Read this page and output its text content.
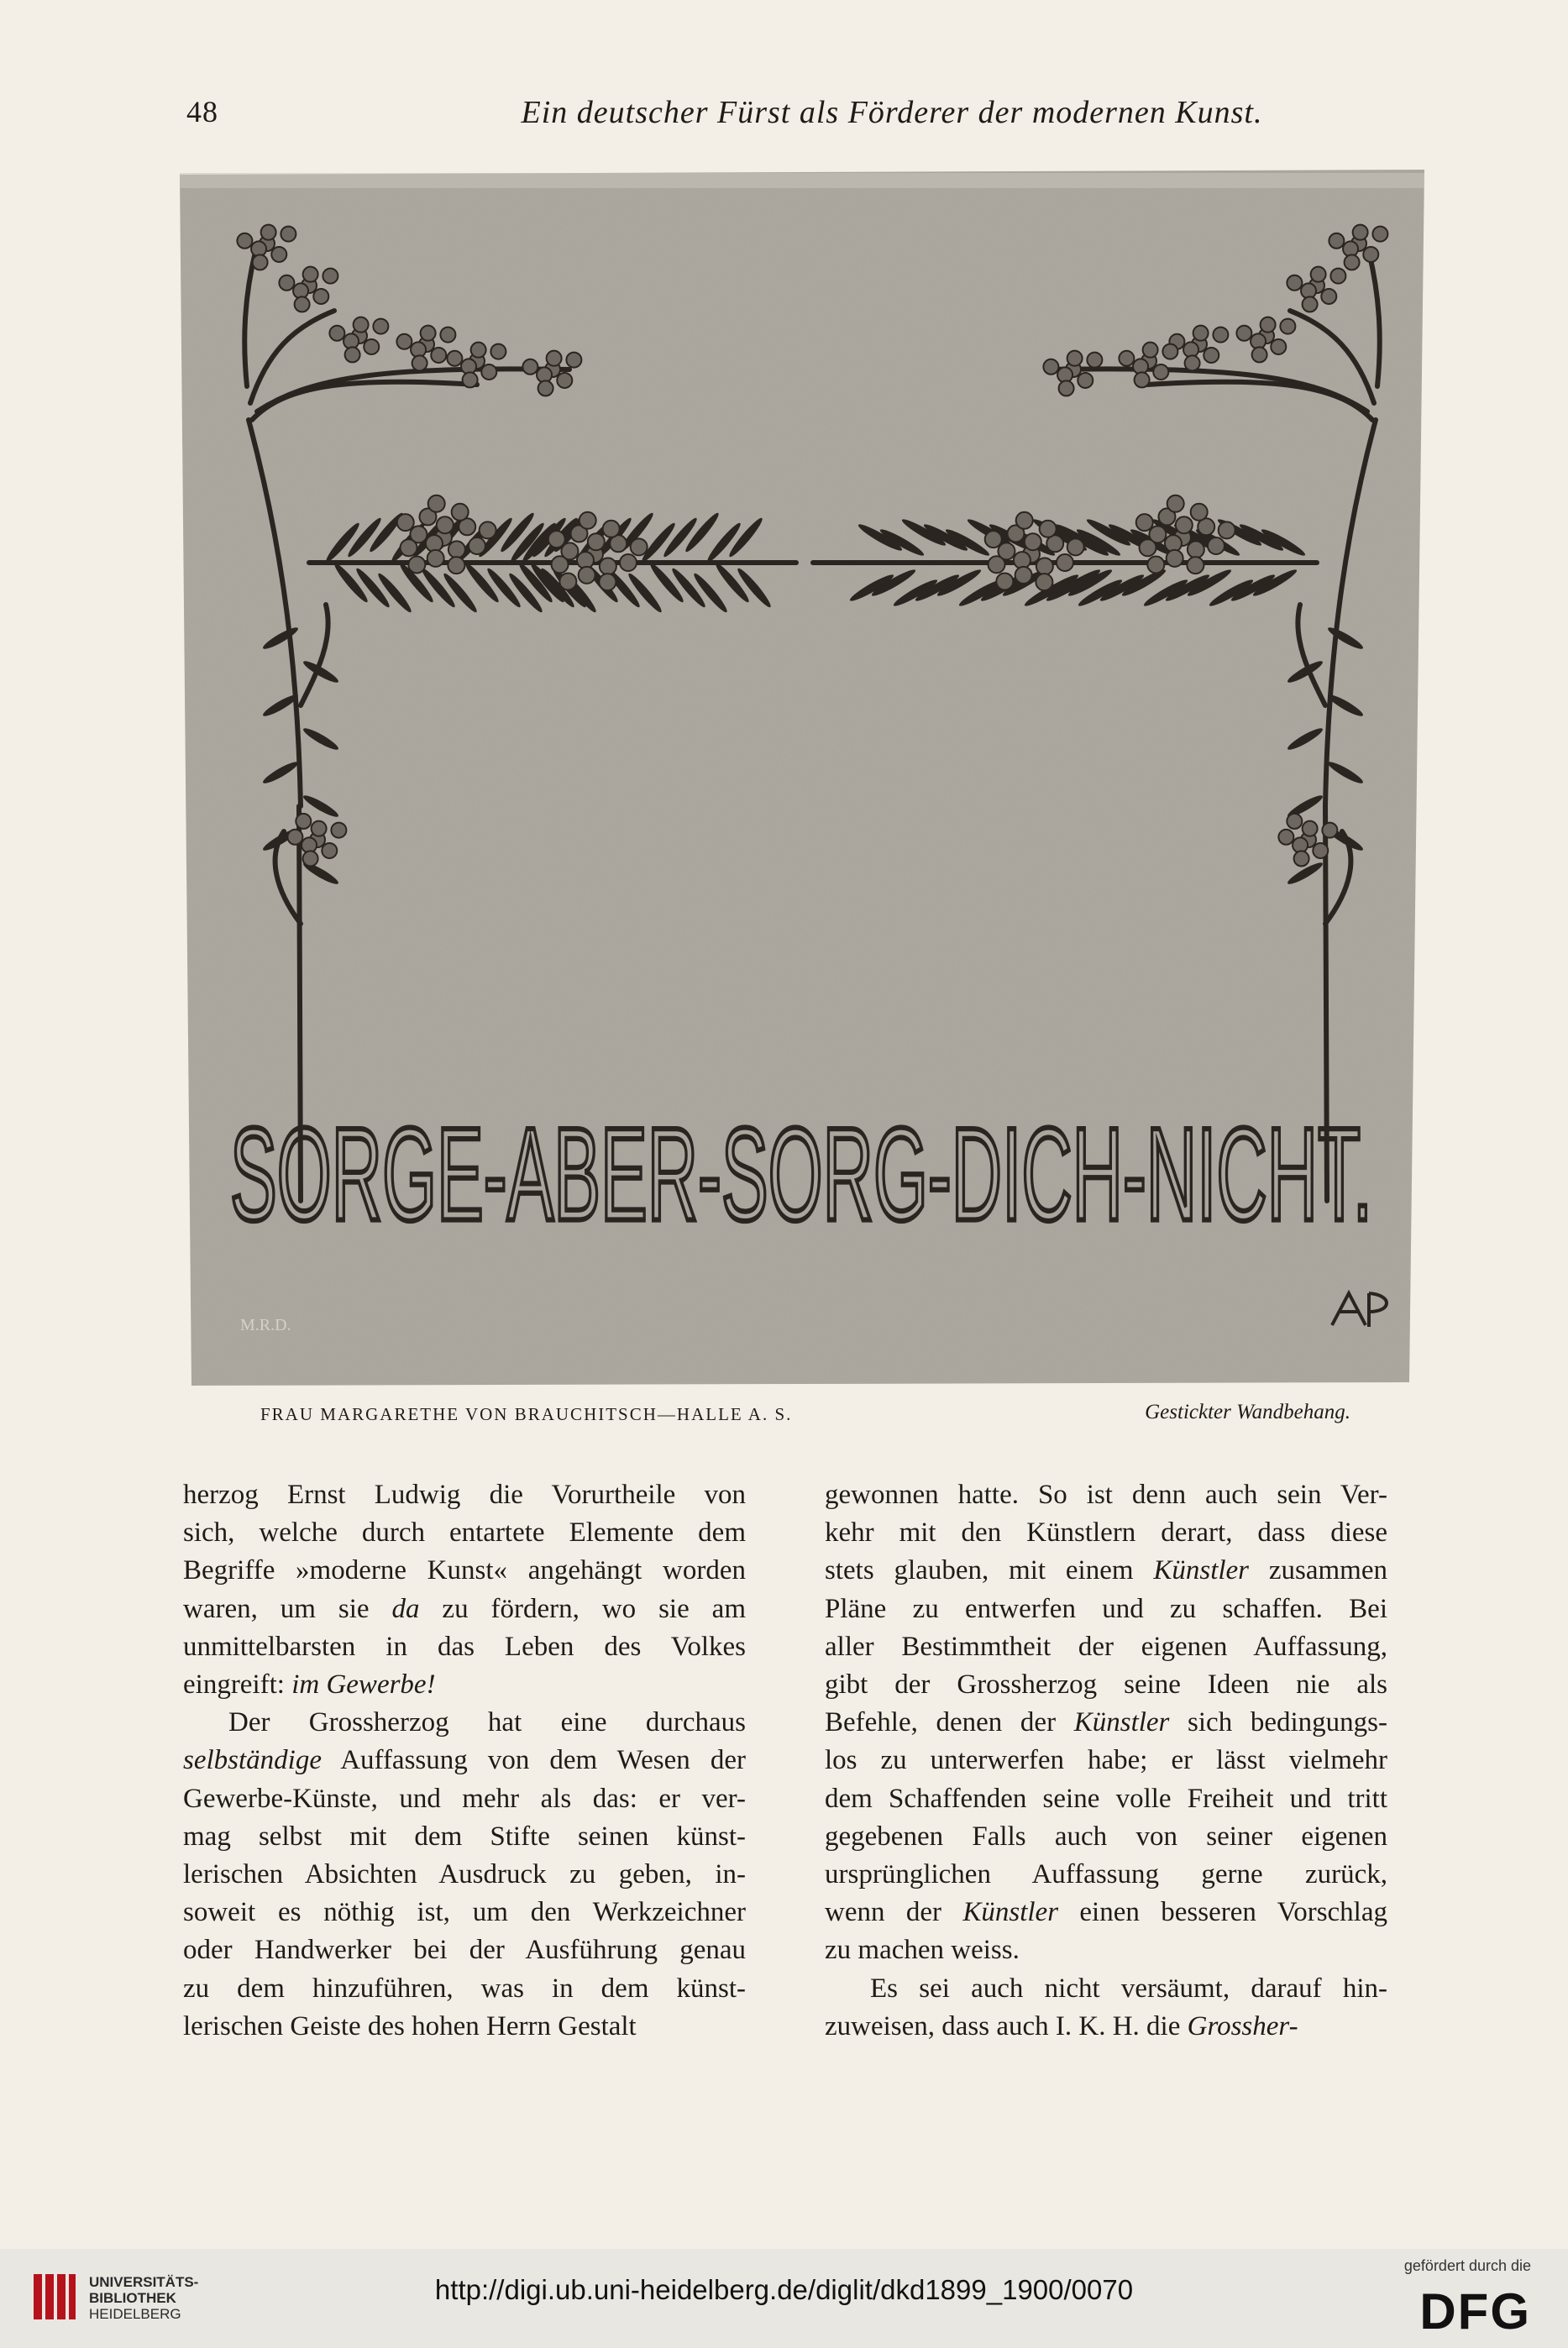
48	Ein deutscher Fürst als Förderer der modernen Kunst.
SORGE-ABER-SORG-DICH-NICHT.
M.R.D.
FRAU MARGARETHE VON BRAUCHITSCH—HALLE A. S.	Gestickter Wandbehang.

herzog Ernst Ludwig die Vorurtheile von
sich, welche durch entartete Elemente dem
Begriffe »moderne Kunst« angehängt worden
waren, um sie da zu fördern, wo sie am
unmittelbarsten in das Leben des Volkes
eingreift: im Gewerbe!

Der Grossherzog hat eine durchaus
selbständige Auffassung von dem Wesen der
Gewerbe-Künste, und mehr als das: er ver-
mag selbst mit dem Stifte seinen künst-
lerischen Absichten Ausdruck zu geben, in-
soweit es nöthig ist, um den Werkzeichner
oder Handwerker bei der Ausführung genau
zu dem hinzuführen, was in dem künst-
lerischen Geiste des hohen Herrn Gestalt

gewonnen hatte. So ist denn auch sein Ver-
kehr mit den Künstlern derart, dass diese
stets glauben, mit einem Künstler zusammen
Pläne zu entwerfen und zu schaffen. Bei
aller Bestimmtheit der eigenen Auffassung,
gibt der Grossherzog seine Ideen nie als
Befehle, denen der Künstler sich bedingungs-
los zu unterwerfen habe; er lässt vielmehr
dem Schaffenden seine volle Freiheit und tritt
gegebenen Falls auch von seiner eigenen
ursprünglichen Auffassung gerne zurück,
wenn der Künstler einen besseren Vorschlag
zu machen weiss.

Es sei auch nicht versäumt, darauf hin-
zuweisen, dass auch I. K. H. die Grossher-

UNIVERSITÄTS-
BIBLIOTHEK
HEIDELBERG
http://digi.ub.uni-heidelberg.de/diglit/dkd1899_1900/0070
gefördert durch die
DFG
